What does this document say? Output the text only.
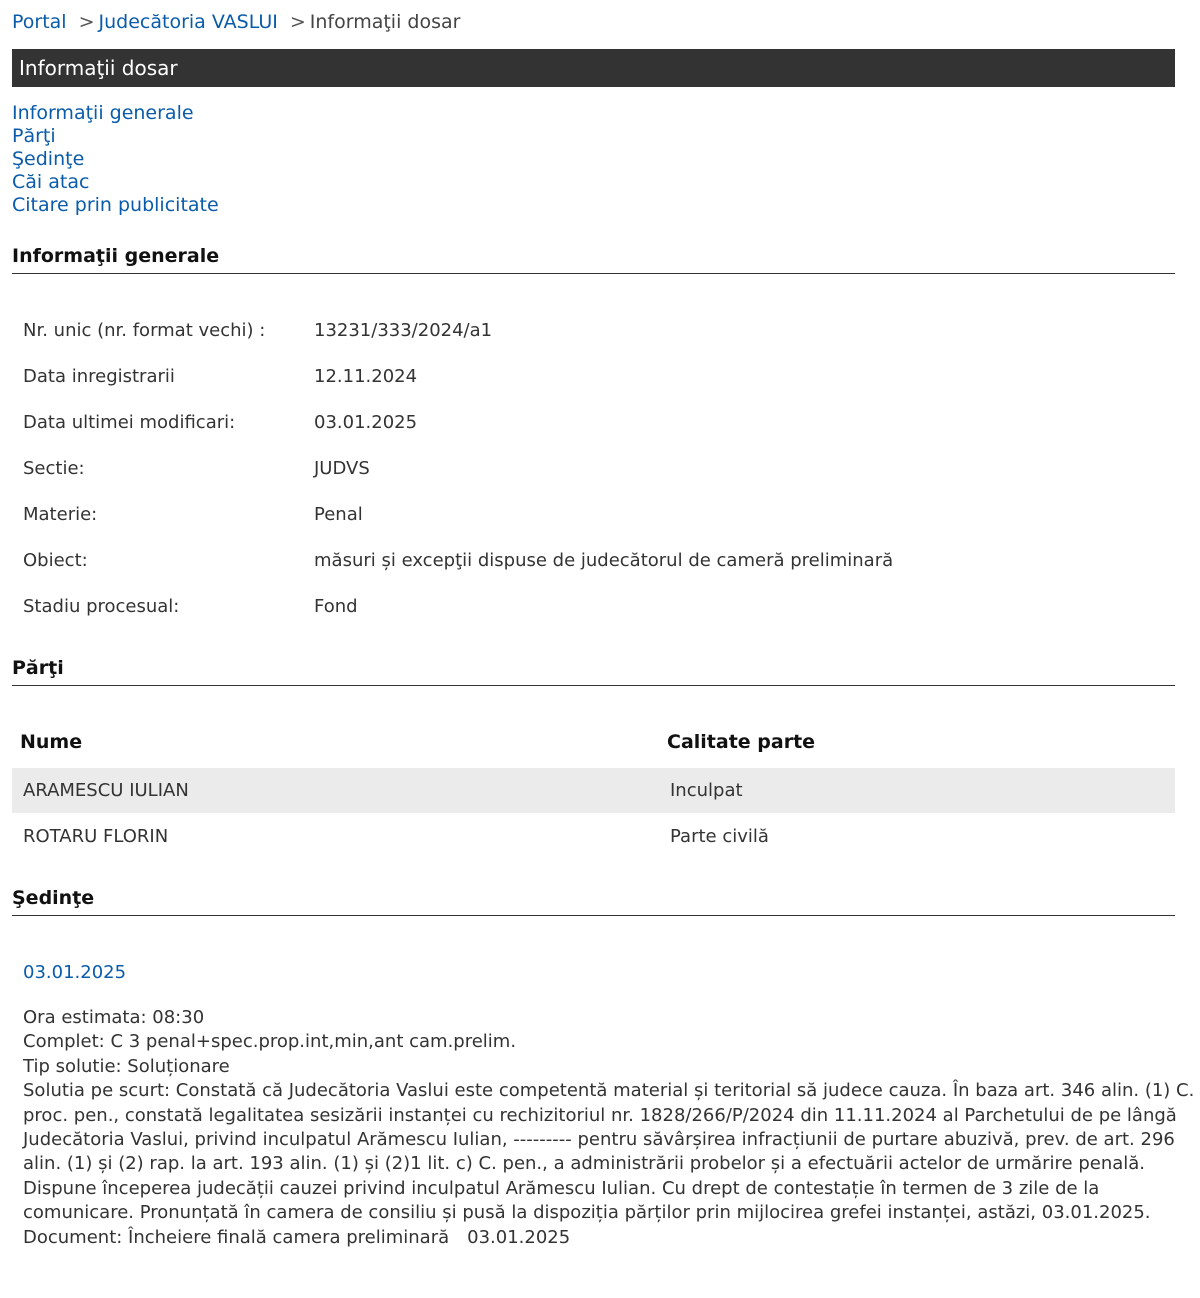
Portal > Judecătoria VASLUI > Informaţii dosar
Informaţii dosar
Informaţii generale
Părţi
Şedinţe
Căi atac
Citare prin publicitate
Informaţii generale
Nr. unic (nr. format vechi) :	13231/333/2024/a1
Data inregistrarii	12.11.2024
Data ultimei modificari:	03.01.2025
Sectie:	JUDVS
Materie:	Penal
Obiect:	măsuri și excepţii dispuse de judecătorul de cameră preliminară
Stadiu procesual:	Fond
Părţi
Nume	Calitate parte
ARAMESCU IULIAN	Inculpat
ROTARU FLORIN	Parte civilă
Şedinţe
03.01.2025
Ora estimata: 08:30
Complet: C 3 penal+spec.prop.int,min,ant cam.prelim.
Tip solutie: Soluționare
Solutia pe scurt: Constată că Judecătoria Vaslui este competentă material și teritorial să judece cauza. În baza art. 346 alin. (1) C.
proc. pen., constată legalitatea sesizării instanței cu rechizitoriul nr. 1828/266/P/2024 din 11.11.2024 al Parchetului de pe lângă
Judecătoria Vaslui, privind inculpatul Arămescu Iulian, --------- pentru săvârșirea infracțiunii de purtare abuzivă, prev. de art. 296
alin. (1) și (2) rap. la art. 193 alin. (1) și (2)1 lit. c) C. pen., a administrării probelor și a efectuării actelor de urmărire penală.
Dispune începerea judecății cauzei privind inculpatul Arămescu Iulian. Cu drept de contestație în termen de 3 zile de la
comunicare. Pronunțată în camera de consiliu și pusă la dispoziția părților prin mijlocirea grefei instanței, astăzi, 03.01.2025.
Document: Încheiere finală camera preliminară 03.01.2025
